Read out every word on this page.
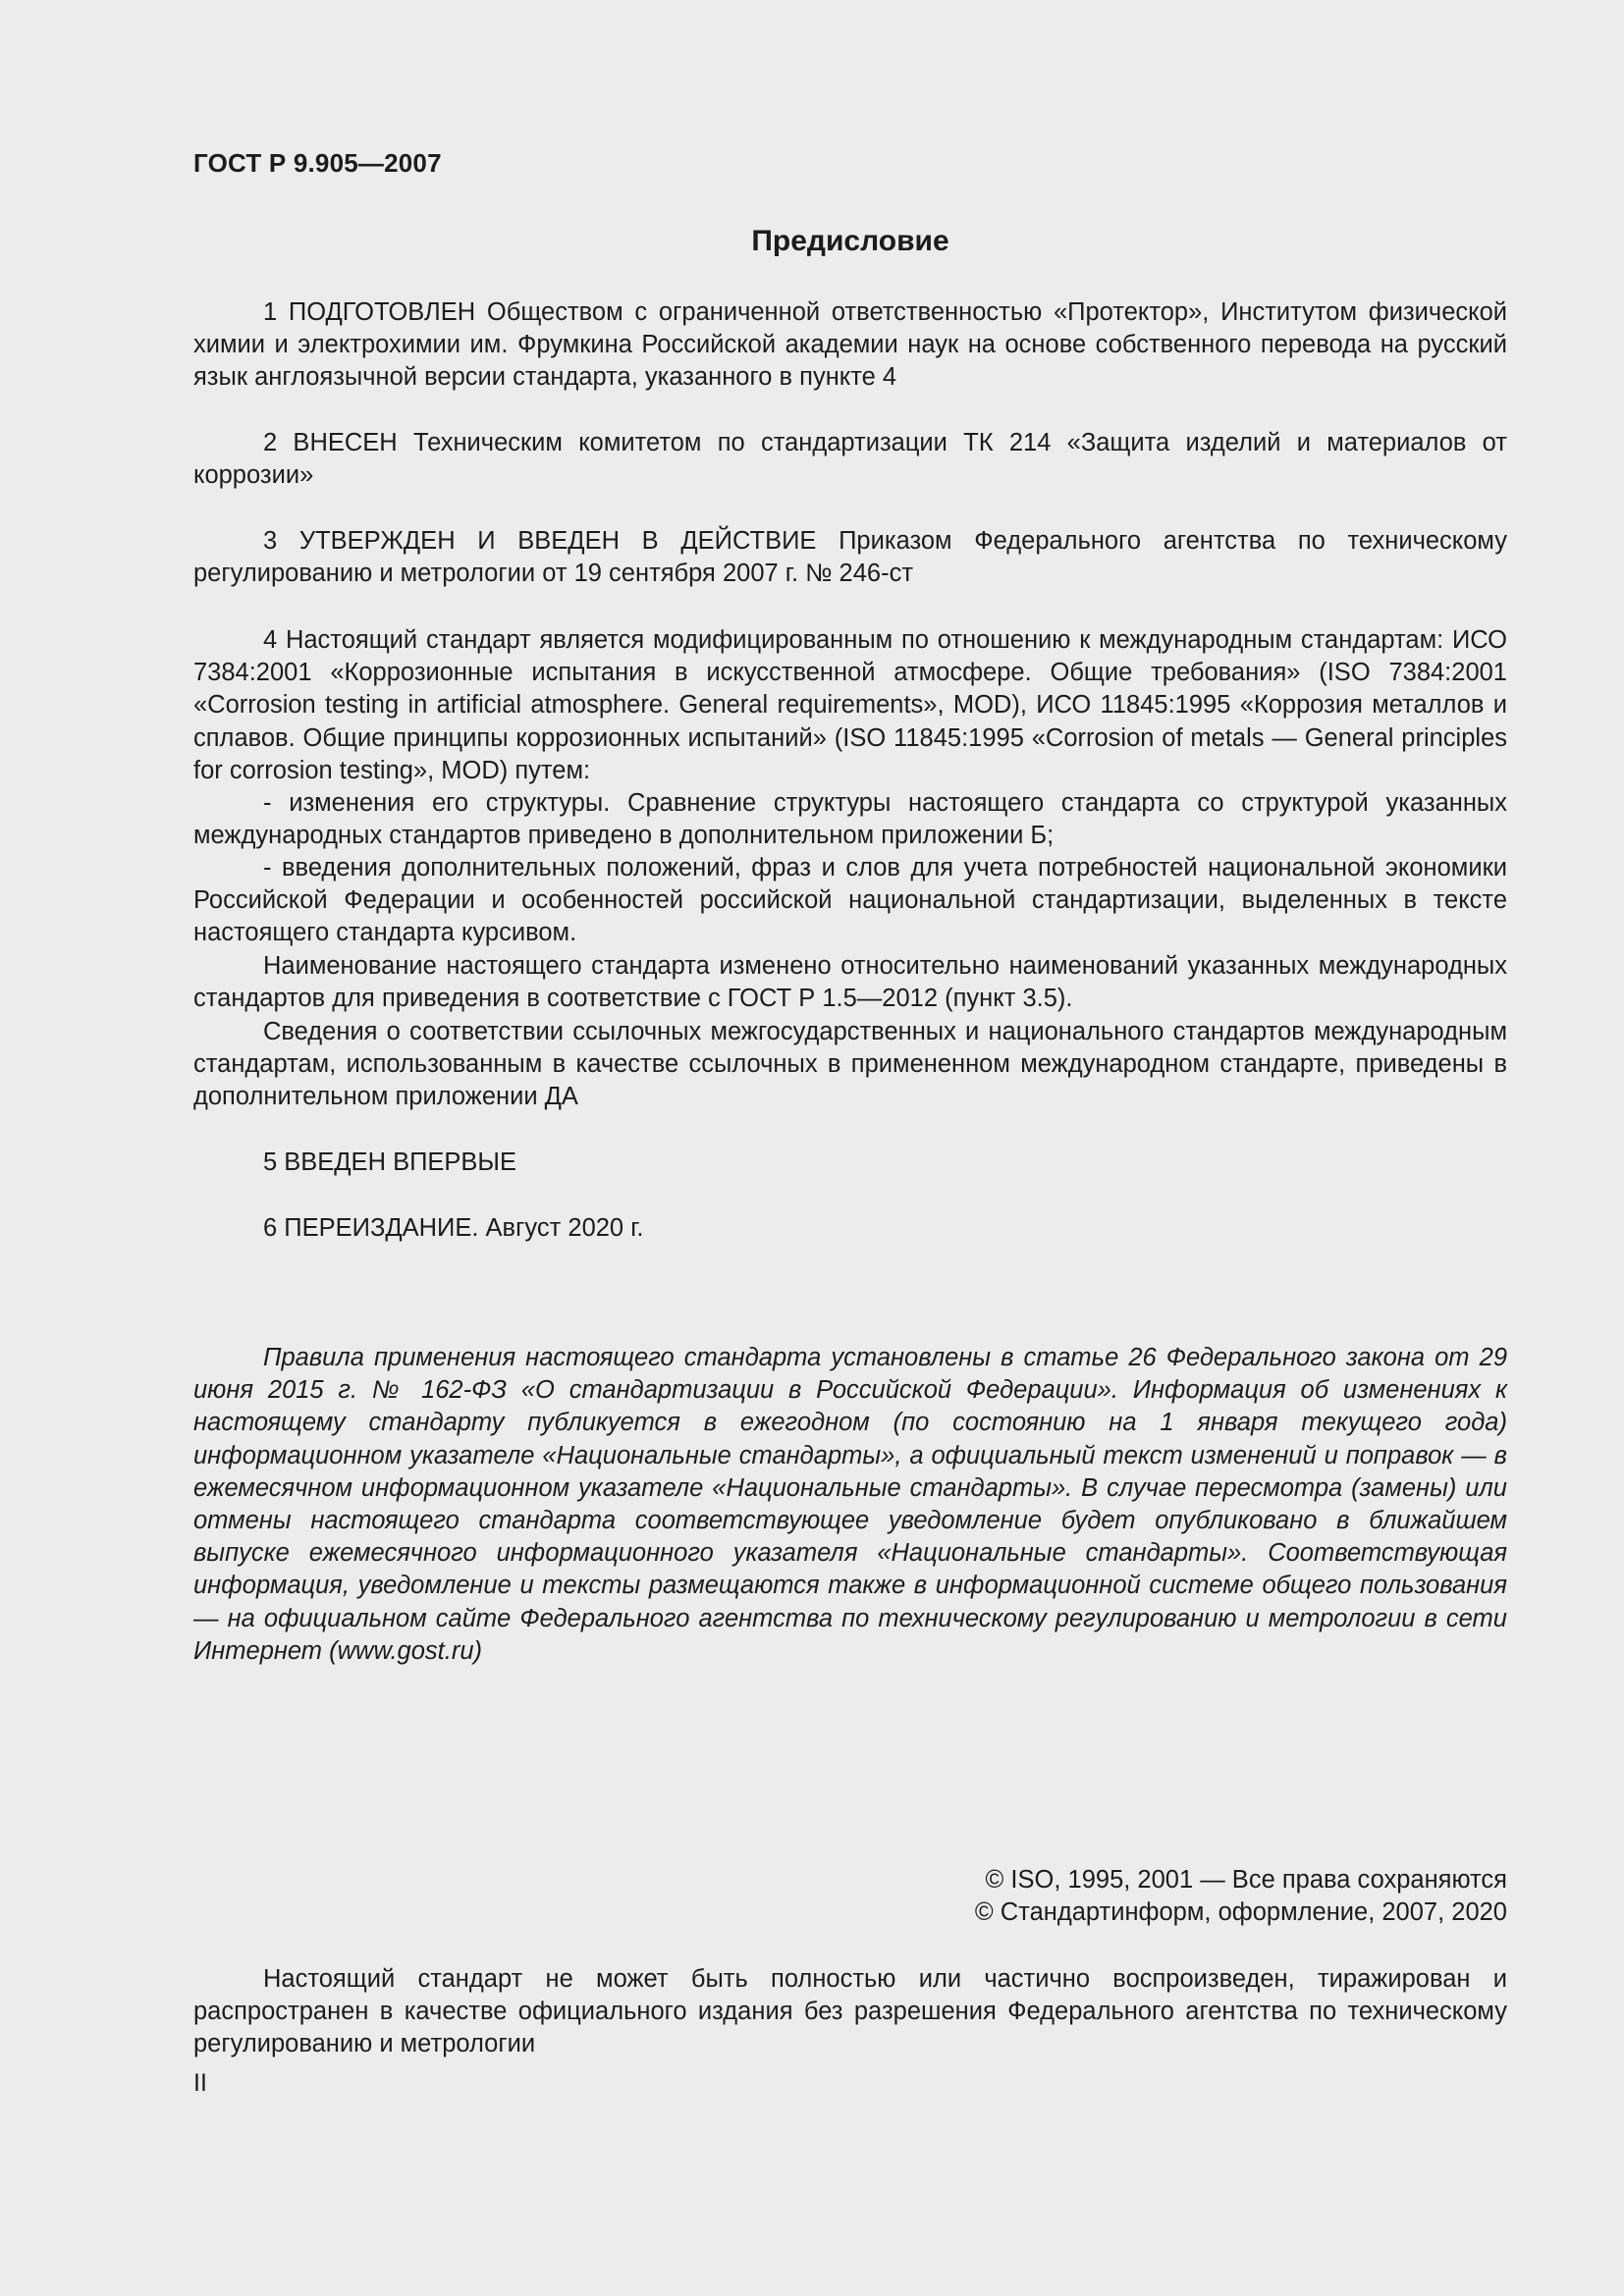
ГОСТ Р 9.905—2007
Предисловие

1 ПОДГОТОВЛЕН Обществом с ограниченной ответственностью «Протектор», Институтом физической химии и электрохимии им. Фрумкина Российской академии наук на основе собственного перевода на русский язык англоязычной версии стандарта, указанного в пункте 4

2 ВНЕСЕН Техническим комитетом по стандартизации ТК 214 «Защита изделий и материалов от коррозии»

3 УТВЕРЖДЕН И ВВЕДЕН В ДЕЙСТВИЕ Приказом Федерального агентства по техническому регулированию и метрологии от 19 сентября 2007 г. № 246-ст

4 Настоящий стандарт является модифицированным по отношению к международным стандартам: ИСО 7384:2001 «Коррозионные испытания в искусственной атмосфере. Общие требования» (ISO 7384:2001 «Corrosion testing in artificial atmosphere. General requirements», MOD), ИСО 11845:1995 «Коррозия металлов и сплавов. Общие принципы коррозионных испытаний» (ISO 11845:1995 «Corrosion of metals — General principles for corrosion testing», MOD) путем:

- изменения его структуры. Сравнение структуры настоящего стандарта со структурой указанных международных стандартов приведено в дополнительном приложении Б;

- введения дополнительных положений, фраз и слов для учета потребностей национальной экономики Российской Федерации и особенностей российской национальной стандартизации, выделенных в тексте настоящего стандарта курсивом.

Наименование настоящего стандарта изменено относительно наименований указанных международных стандартов для приведения в соответствие с ГОСТ Р 1.5—2012 (пункт 3.5).

Сведения о соответствии ссылочных межгосударственных и национального стандартов международным стандартам, использованным в качестве ссылочных в примененном международном стандарте, приведены в дополнительном приложении ДА

5 ВВЕДЕН ВПЕРВЫЕ

6 ПЕРЕИЗДАНИЕ. Август 2020 г.

Правила применения настоящего стандарта установлены в статье 26 Федерального закона от 29 июня 2015 г. № 162-ФЗ «О стандартизации в Российской Федерации». Информация об изменениях к настоящему стандарту публикуется в ежегодном (по состоянию на 1 января текущего года) информационном указателе «Национальные стандарты», а официальный текст изменений и поправок — в ежемесячном информационном указателе «Национальные стандарты». В случае пересмотра (замены) или отмены настоящего стандарта соответствующее уведомление будет опубликовано в ближайшем выпуске ежемесячного информационного указателя «Национальные стандарты». Соответствующая информация, уведомление и тексты размещаются также в информационной системе общего пользования — на официальном сайте Федерального агентства по техническому регулированию и метрологии в сети Интернет (www.gost.ru)

© ISO, 1995, 2001 — Все права сохраняются
© Стандартинформ, оформление, 2007, 2020

Настоящий стандарт не может быть полностью или частично воспроизведен, тиражирован и распространен в качестве официального издания без разрешения Федерального агентства по техническому регулированию и метрологии

II
